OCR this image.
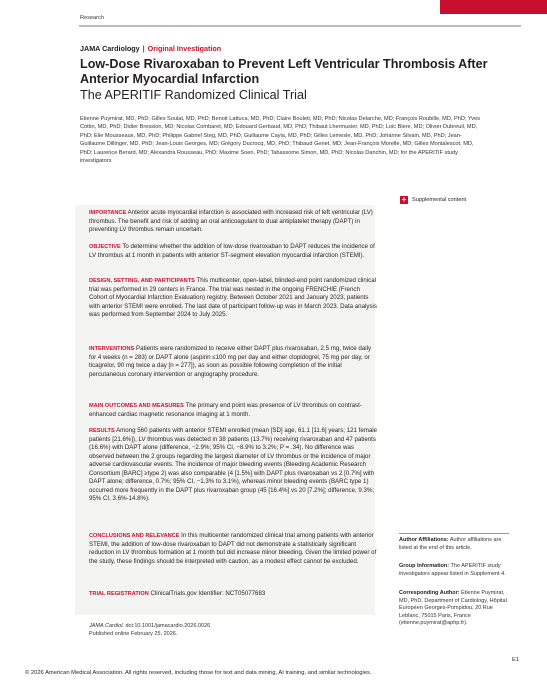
Research
JAMA Cardiology | Original Investigation
Low-Dose Rivaroxaban to Prevent Left Ventricular Thrombosis After Anterior Myocardial Infarction
The APERITIF Randomized Clinical Trial
Etienne Puymirat, MD, PhD; Gilles Soulat, MD, PhD; Benoit Lattuca, MD, PhD; Claire Bouleti, MD, PhD; Nicolas Delarche, MD; François Roubille, MD, PhD; Yves Cottin, MD, PhD; Didier Bression, MD; Nicolas Combaret, MD; Edouard Gerbaud, MD, PhD; Thibaut Lhermusier, MD, PhD; Loic Biere, MD; Olivier Dubreuil, MD, PhD; Elie Mousseaux, MD, PhD; Philippe Gabriel Steg, MD, PhD; Guillaume Cayla, MD, PhD; Gilles Lemesle, MD, PhD; Johanne Silvain, MD, PhD; Jean-Guillaume Dillinger, MD, PhD; Jean-Louis Georges, MD; Grégory Ducrocq, MD, PhD; Thibaud Genet, MD; Jean-François Morelle, MD; Gilles Montalescot, MD, PhD; Laurence Berard, MD; Alexandra Rousseau, PhD; Maxime Soen, PhD; Tabassome Simon, MD, PhD; Nicolas Danchin, MD; for the APERITIF study investigators
+ Supplemental content

IMPORTANCE Anterior acute myocardial infarction is associated with increased risk of left ventricular (LV) thrombus. The benefit and risk of adding an oral anticoagulant to dual antiplatelet therapy (DAPT) in preventing LV thrombus remain uncertain.

OBJECTIVE To determine whether the addition of low-dose rivaroxaban to DAPT reduces the incidence of LV thrombus at 1 month in patients with anterior ST-segment elevation myocardial infarction (STEMI).

DESIGN, SETTING, AND PARTICIPANTS This multicenter, open-label, blinded-end point randomized clinical trial was performed in 29 centers in France. The trial was nested in the ongoing FRENCHIE (French Cohort of Myocardial Infarction Evaluation) registry. Between October 2021 and January 2023, patients with anterior STEMI were enrolled. The last date of participant follow-up was in March 2023. Data analysis was performed from September 2024 to July 2025.

INTERVENTIONS Patients were randomized to receive either DAPT plus rivaroxaban, 2.5 mg, twice daily for 4 weeks (n = 283) or DAPT alone (aspirin ≤100 mg per day and either clopidogrel, 75 mg per day, or ticagrelor, 90 mg twice a day [n = 277]), as soon as possible following completion of the initial percutaneous coronary intervention or angiography procedure.

MAIN OUTCOMES AND MEASURES The primary end point was presence of LV thrombus on contrast-enhanced cardiac magnetic resonance imaging at 1 month.

RESULTS Among 560 patients with anterior STEMI enrolled (mean [SD] age, 61.1 [11.6] years; 121 female patients [21.6%]), LV thrombus was detected in 38 patients (13.7%) receiving rivaroxaban and 47 patients (16.6%) with DAPT alone (difference, −2.9%; 95% CI, −8.9% to 3.2%; P = .34). No difference was observed between the 2 groups regarding the largest diameter of LV thrombus or the incidence of major adverse cardiovascular events. The incidence of major bleeding events (Bleeding Academic Research Consortium [BARC] ≥type 2) was also comparable (4 [1.5%] with DAPT plus rivaroxaban vs 2 [0.7%] with DAPT alone; difference, 0.7%; 95% CI, −1.3% to 3.1%), whereas minor bleeding events (BARC type 1) occurred more frequently in the DAPT plus rivaroxaban group (45 [16.4%] vs 20 [7.2%]; difference, 9.3%; 95% CI, 3.6%-14.8%).

CONCLUSIONS AND RELEVANCE In this multicenter randomized clinical trial among patients with anterior STEMI, the addition of low-dose rivaroxaban to DAPT did not demonstrate a statistically significant reduction in LV thrombus formation at 1 month but did increase minor bleeding. Given the limited power of the study, these findings should be interpreted with caution, as a modest effect cannot be excluded.

TRIAL REGISTRATION ClinicalTrials.gov Identifier: NCT05077683

JAMA Cardiol. doi:10.1001/jamacardio.2026.0026
Published online February 25, 2026.
Author Affiliations: Author affiliations are listed at the end of this article.
Group Information: The APERITIF study investigators appear listed in Supplement 4.
Corresponding Author: Etienne Puymirat, MD, PhD, Department of Cardiology, Hôpital Européen Georges-Pompidou, 20 Rue Leblanc, 75015 Paris, France (etienne.puymirat@aphp.fr).
E1
© 2026 American Medical Association. All rights reserved, including those for text and data mining, AI training, and similar technologies.
